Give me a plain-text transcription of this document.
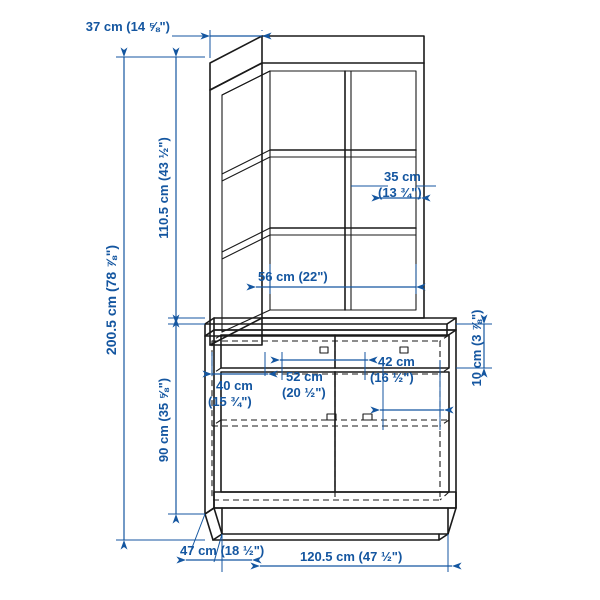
37 cm (14 ⅝")
110.5 cm (43 ½")
200.5 cm (78 ⅞")
35 cm (13 ¾")
56 cm (22")
10 cm (3 ⅞")
90 cm (35 ⅝")	40 cm (15 ¾")
52 cm (20 ½")
42 cm (16 ½")
47 cm (18 ½")	120.5 cm (47 ½")
